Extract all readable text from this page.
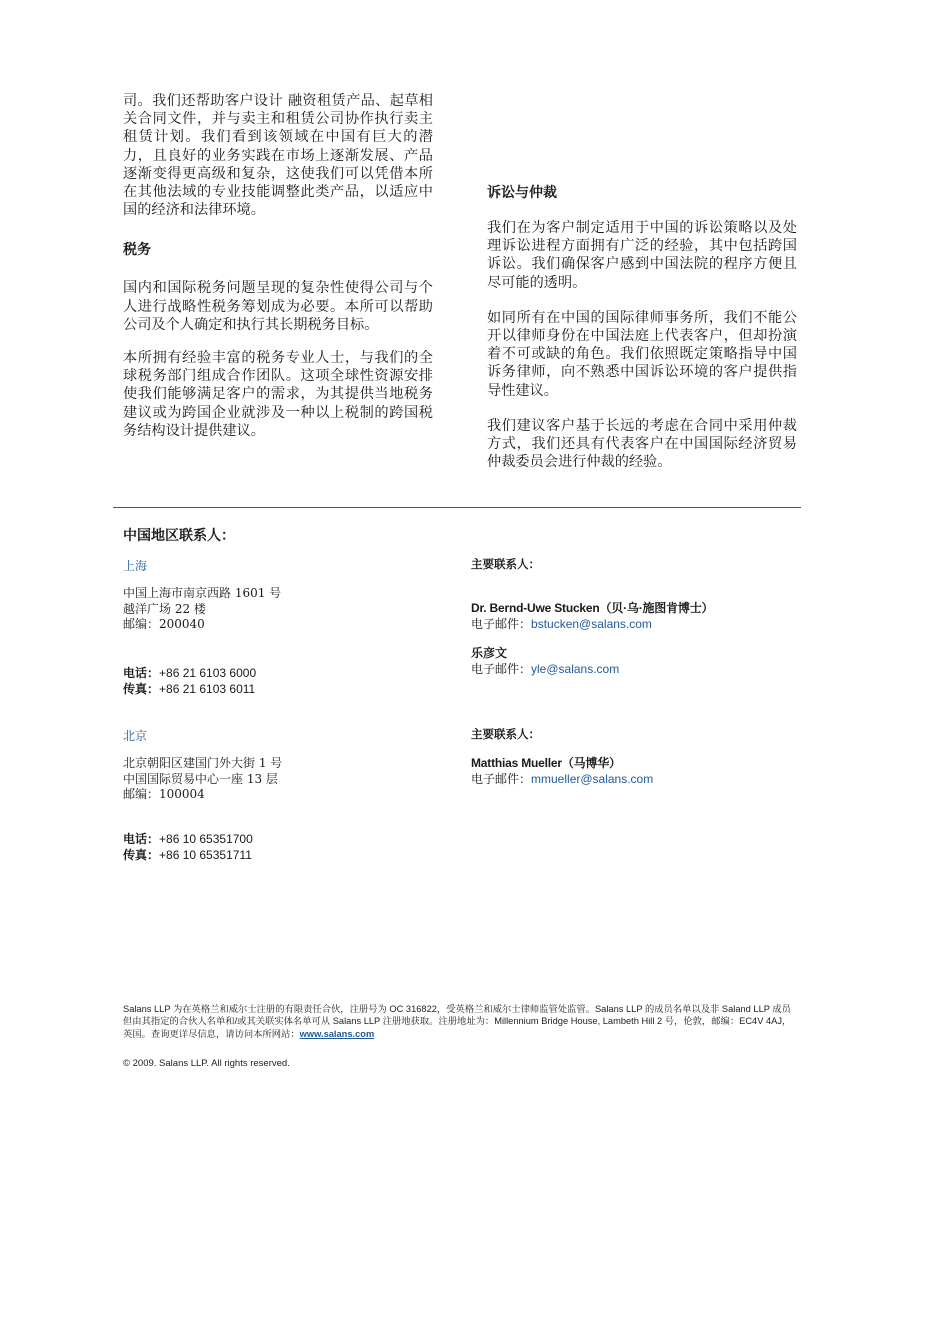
司。我们还帮助客户设计 融资租赁产品、起草相关合同文件，并与卖主和租赁公司协作执行卖主租赁计划。我们看到该领域在中国有巨大的潜力，且良好的业务实践在市场上逐渐发展、产品逐渐变得更高级和复杂，这使我们可以凭借本所在其他法域的专业技能调整此类产品，以适应中国的经济和法律环境。

税务

国内和国际税务问题呈现的复杂性使得公司与个人进行战略性税务筹划成为必要。本所可以帮助公司及个人确定和执行其长期税务目标。

本所拥有经验丰富的税务专业人士，与我们的全球税务部门组成合作团队。这项全球性资源安排使我们能够满足客户的需求，为其提供当地税务建议或为跨国企业就涉及一种以上税制的跨国税务结构设计提供建议。

诉讼与仲裁

我们在为客户制定适用于中国的诉讼策略以及处理诉讼进程方面拥有广泛的经验，其中包括跨国诉讼。我们确保客户感到中国法院的程序方便且尽可能的透明。

如同所有在中国的国际律师事务所，我们不能公开以律师身份在中国法庭上代表客户，但却扮演着不可或缺的角色。我们依照既定策略指导中国诉务律师，向不熟悉中国诉讼环境的客户提供指导性建议。

我们建议客户基于长远的考虑在合同中采用仲裁方式，我们还具有代表客户在中国国际经济贸易仲裁委员会进行仲裁的经验。

中国地区联系人：
上海
中国上海市南京西路 1601 号
越洋广场 22 楼
邮编：200040
电话：+86 21 6103 6000
传真：+86 21 6103 6011
主要联系人：
Dr. Bernd-Uwe Stucken（贝·乌·施图肯博士）
电子邮件：bstucken@salans.com
乐彦文
电子邮件：yle@salans.com
北京
北京朝阳区建国门外大街 1 号
中国国际贸易中心一座 13 层
邮编：100004
电话：+86 10 65351700
传真：+86 10 65351711
主要联系人：
Matthias Mueller（马博华）
电子邮件：mmueller@salans.com
Salans LLP 为在英格兰和威尔士注册的有限责任合伙，注册号为 OC 316822，受英格兰和威尔士律师监管处监管。Salans LLP 的成员名单以及非 Saland LLP 成员但由其指定的合伙人名单和/或其关联实体名单可从 Salans LLP 注册地获取。注册地址为：Millennium Bridge House, Lambeth Hill 2 号，伦敦，邮编：EC4V 4AJ，英国。查询更详尽信息，请访问本所网站：www.salans.com
© 2009. Salans LLP. All rights reserved.
